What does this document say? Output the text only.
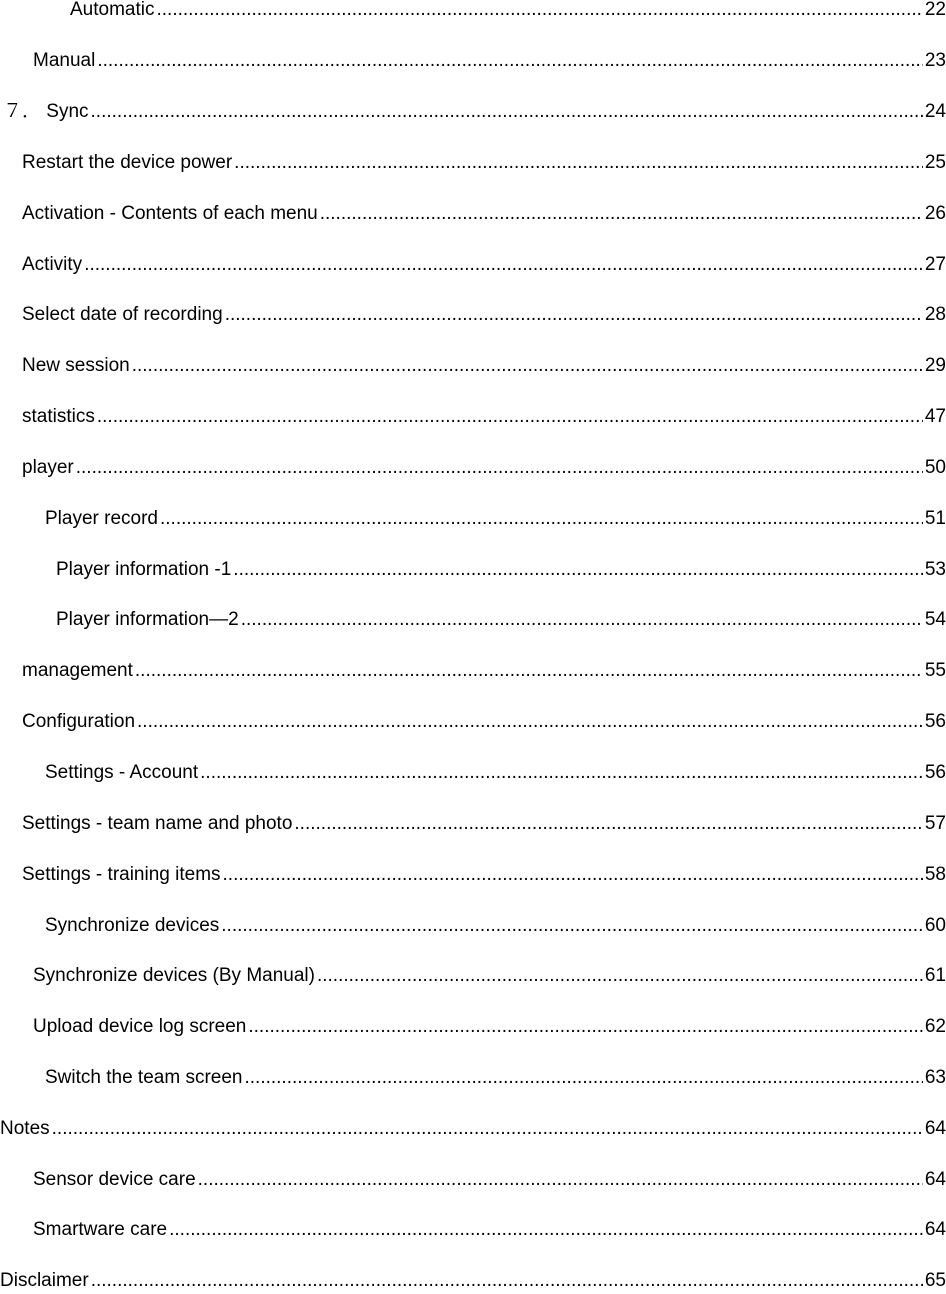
Automatic .....	22
Manual .....	23
７． Sync .....	24
Restart the device power .....	25
Activation - Contents of each menu .....	26
Activity .....	27
Select date of recording .....	28
New session .....	29
statistics .....	47
player .....	50
Player record .....	51
Player information -1 .....	53
Player information—2 .....	54
management .....	55
Configuration .....	56
Settings - Account .....	56
Settings - team name and photo .....	57
Settings - training items .....	58
Synchronize devices .....	60
Synchronize devices (By Manual) .....	61
Upload device log screen .....	62
Switch the team screen .....	63
Notes .....	64
Sensor device care .....	64
Smartware care .....	64
Disclaimer .....	65
